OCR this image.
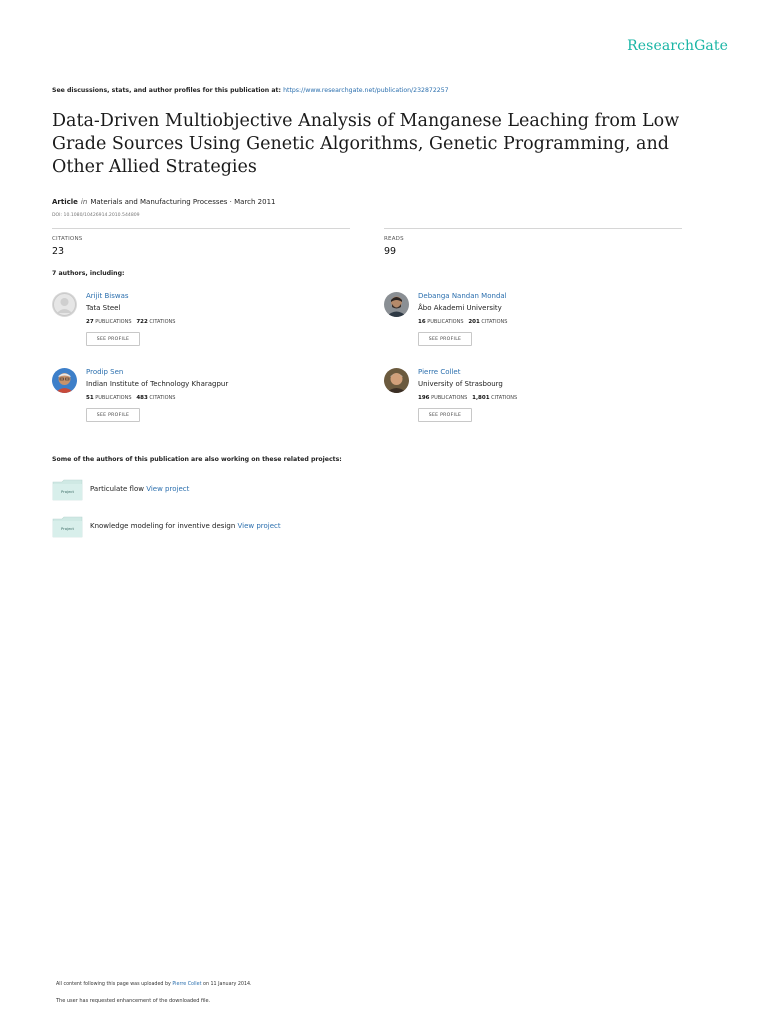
ResearchGate
See discussions, stats, and author profiles for this publication at: https://www.researchgate.net/publication/232872257
Data-Driven Multiobjective Analysis of Manganese Leaching from Low Grade Sources Using Genetic Algorithms, Genetic Programming, and Other Allied Strategies
Article in Materials and Manufacturing Processes · March 2011
DOI: 10.1080/10426914.2010.544809
CITATIONS
23
READS
99
7 authors, including:
Arijit Biswas
Tata Steel
27 PUBLICATIONS 722 CITATIONS
SEE PROFILE
Debanga Nandan Mondal
Åbo Akademi University
16 PUBLICATIONS 201 CITATIONS
SEE PROFILE
Prodip Sen
Indian Institute of Technology Kharagpur
51 PUBLICATIONS 483 CITATIONS
SEE PROFILE
Pierre Collet
University of Strasbourg
196 PUBLICATIONS 1,801 CITATIONS
SEE PROFILE
Some of the authors of this publication are also working on these related projects:
Project Particulate flow View project
Project Knowledge modeling for inventive design View project
All content following this page was uploaded by Pierre Collet on 11 January 2014.
The user has requested enhancement of the downloaded file.
